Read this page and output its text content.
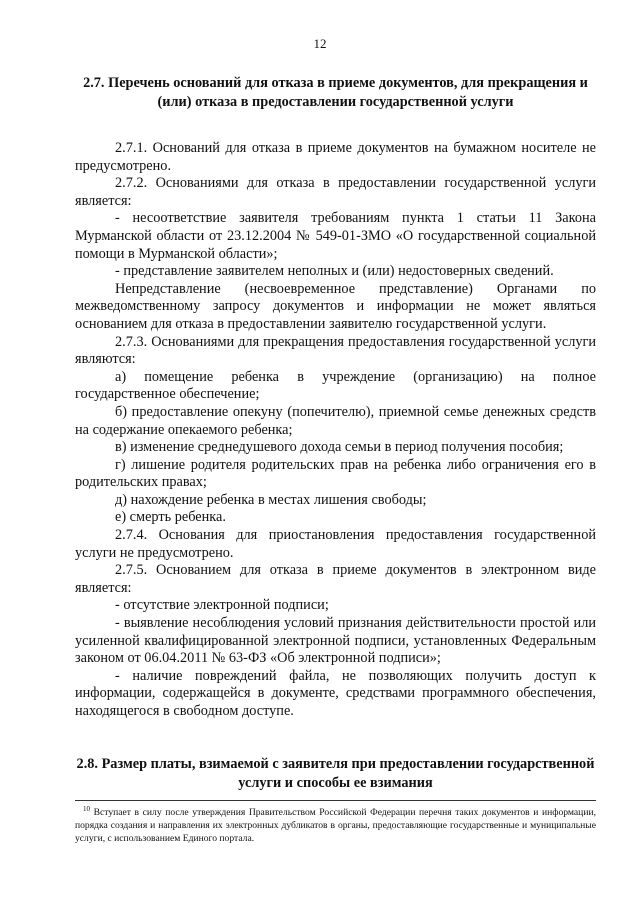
12

2.7. Перечень оснований для отказа в приеме документов, для прекращения и (или) отказа в предоставлении государственной услуги

2.7.1. Оснований для отказа в приеме документов на бумажном носителе не предусмотрено.

2.7.2. Основаниями для отказа в предоставлении государственной услуги является:

- несоответствие заявителя требованиям пункта 1 статьи 11 Закона Мурманской области от 23.12.2004 № 549-01-ЗМО «О государственной социальной помощи в Мурманской области»;

- представление заявителем неполных и (или) недостоверных сведений.

Непредставление (несвоевременное представление) Органами по межведомственному запросу документов и информации не может являться основанием для отказа в предоставлении заявителю государственной услуги.

2.7.3. Основаниями для прекращения предоставления государственной услуги являются:

а) помещение ребенка в учреждение (организацию) на полное государственное обеспечение;

б) предоставление опекуну (попечителю), приемной семье денежных средств на содержание опекаемого ребенка;

в) изменение среднедушевого дохода семьи в период получения пособия;

г) лишение родителя родительских прав на ребенка либо ограничения его в родительских правах;

д) нахождение ребенка в местах лишения свободы;

е) смерть ребенка.

2.7.4. Основания для приостановления предоставления государственной услуги не предусмотрено.

2.7.5. Основанием для отказа в приеме документов в электронном виде является:

- отсутствие электронной подписи;

- выявление несоблюдения условий признания действительности простой или усиленной квалифицированной электронной подписи, установленных Федеральным законом от 06.04.2011 № 63-ФЗ «Об электронной подписи»;

- наличие повреждений файла, не позволяющих получить доступ к информации, содержащейся в документе, средствами программного обеспечения, находящегося в свободном доступе.

2.8. Размер платы, взимаемой с заявителя при предоставлении государственной услуги и способы ее взимания

$^{10}$ Вступает в силу после утверждения Правительством Российской Федерации перечня таких документов и информации, порядка создания и направления их электронных дубликатов в органы, предоставляющие государственные и муниципальные услуги, с использованием Единого портала.
